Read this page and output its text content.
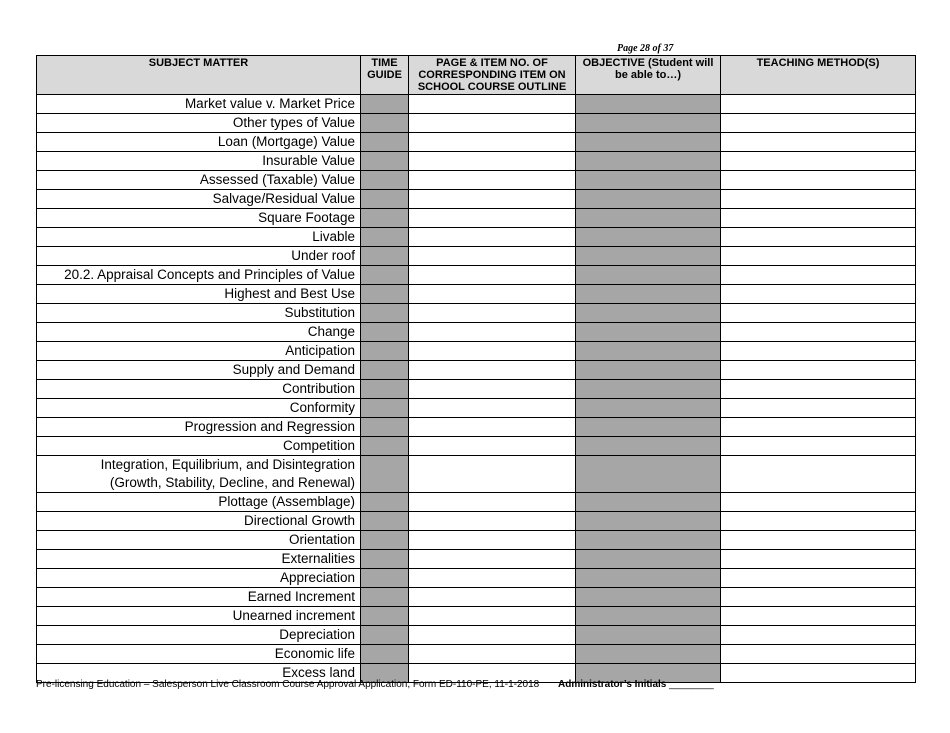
Page 28 of 37
SUBJECT MATTER	TIME GUIDE	PAGE & ITEM NO. OF CORRESPONDING ITEM ON SCHOOL COURSE OUTLINE	OBJECTIVE (Student will be able to…)	TEACHING METHOD(S)

Market value v. Market Price				

Other types of Value				

Loan (Mortgage) Value				

Insurable Value				

Assessed (Taxable) Value				

Salvage/Residual Value				

Square Footage				

Livable				

Under roof				

20.2. Appraisal Concepts and Principles of Value				

Highest and Best Use				

Substitution				

Change				

Anticipation				

Supply and Demand				

Contribution				

Conformity				

Progression and Regression				

Competition				

Integration, Equilibrium, and Disintegration
(Growth, Stability, Decline, and Renewal)				

Plottage (Assemblage)				

Directional Growth				

Orientation				

Externalities				

Appreciation				

Earned Increment				

Unearned increment				

Depreciation				

Economic life				

Excess land				

Pre-licensing Education – Salesperson Live Classroom Course Approval Application, Form ED-110-PE, 11-1-2018 Administrator’s Initials ________
